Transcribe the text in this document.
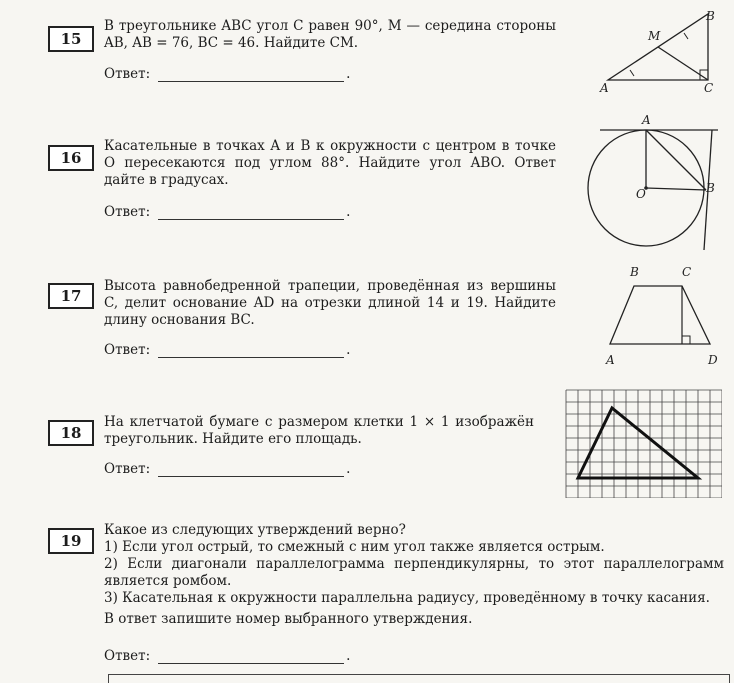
15
В треугольнике ABC угол C равен 90°, M — середина стороны AB, AB = 76, BC = 46. Найдите CM.
Ответ:	.
A
M
C
B
16
Касательные в точках A и B к окружности с центром в точке O пересекаются под углом 88°. Найдите угол ABO. Ответ дайте в градусах.
Ответ:	.
A
O	B
17
Высота равнобедренной трапеции, проведённая из вершины C, делит основание AD на отрезки длиной 14 и 19. Найдите длину основания BC.
Ответ:	.
B	C
A	D
18
На клетчатой бумаге с размером клетки 1 × 1 изображён треугольник. Найдите его площадь.
Ответ:	.
19
Какое из следующих утверждений верно?
1) Если угол острый, то смежный с ним угол также является острым.
2) Если диагонали параллелограмма перпендикулярны, то этот параллелограмм является ромбом.
3) Касательная к окружности параллельна радиусу, проведённому в точку касания.
В ответ запишите номер выбранного утверждения.
Ответ:	.
